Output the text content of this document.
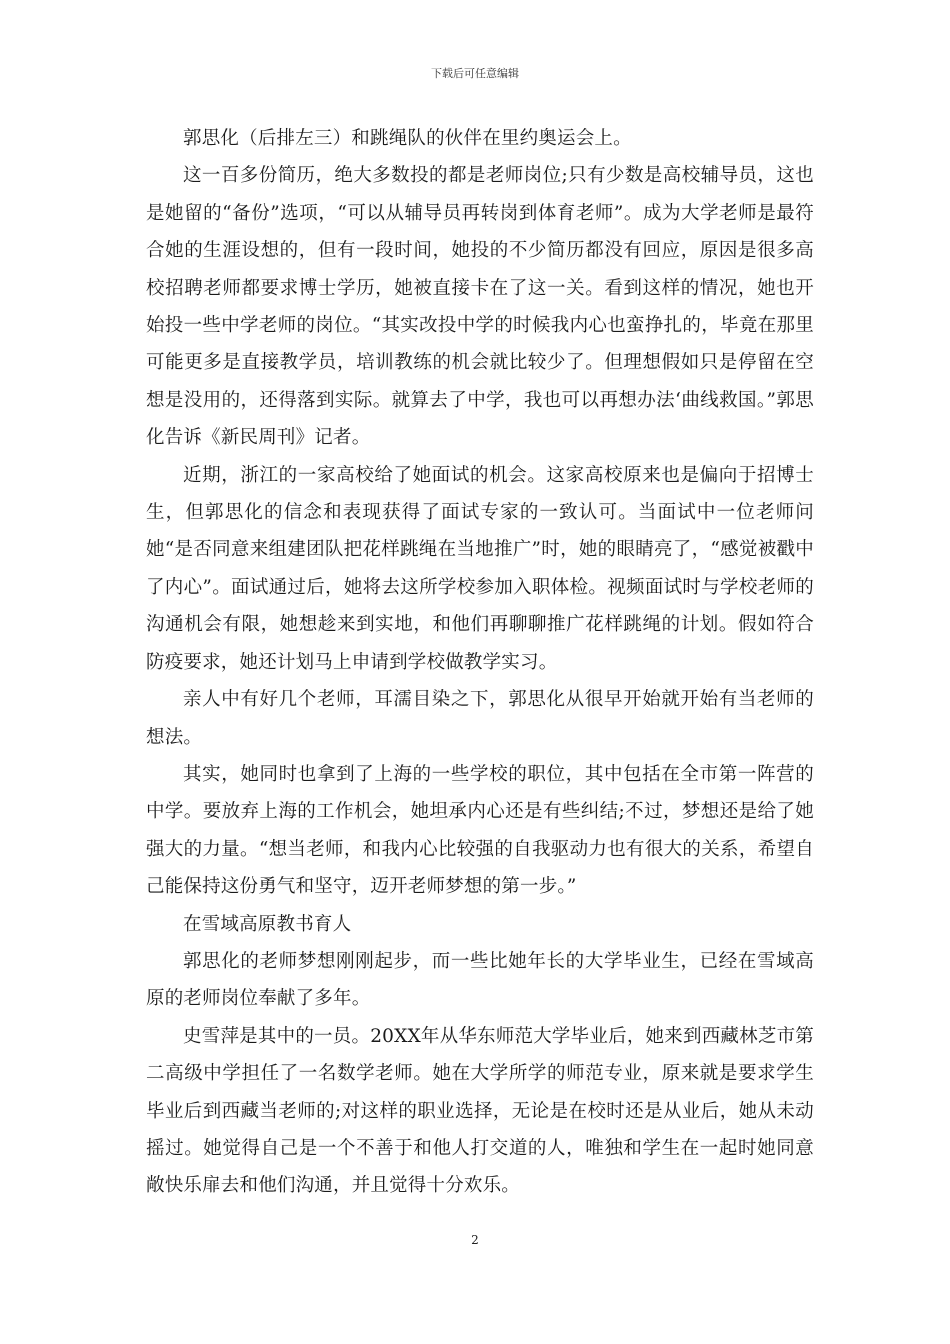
下载后可任意编辑

郭思化（后排左三）和跳绳队的伙伴在里约奥运会上。

这一百多份简历，绝大多数投的都是老师岗位;只有少数是高校辅导员，这也是她留的“备份”选项，“可以从辅导员再转岗到体育老师”。成为大学老师是最符合她的生涯设想的，但有一段时间，她投的不少简历都没有回应，原因是很多高校招聘老师都要求博士学历，她被直接卡在了这一关。看到这样的情况，她也开始投一些中学老师的岗位。“其实改投中学的时候我内心也蛮挣扎的，毕竟在那里可能更多是直接教学员，培训教练的机会就比较少了。但理想假如只是停留在空想是没用的，还得落到实际。就算去了中学，我也可以再想办法‘曲线救国。”郭思化告诉《新民周刊》记者。

近期，浙江的一家高校给了她面试的机会。这家高校原来也是偏向于招博士生，但郭思化的信念和表现获得了面试专家的一致认可。当面试中一位老师问她“是否同意来组建团队把花样跳绳在当地推广”时，她的眼睛亮了，“感觉被戳中了内心”。面试通过后，她将去这所学校参加入职体检。视频面试时与学校老师的沟通机会有限，她想趁来到实地，和他们再聊聊推广花样跳绳的计划。假如符合防疫要求，她还计划马上申请到学校做教学实习。

亲人中有好几个老师，耳濡目染之下，郭思化从很早开始就开始有当老师的想法。

其实，她同时也拿到了上海的一些学校的职位，其中包括在全市第一阵营的中学。要放弃上海的工作机会，她坦承内心还是有些纠结;不过，梦想还是给了她强大的力量。“想当老师，和我内心比较强的自我驱动力也有很大的关系，希望自己能保持这份勇气和坚守，迈开老师梦想的第一步。”

在雪域高原教书育人

郭思化的老师梦想刚刚起步，而一些比她年长的大学毕业生，已经在雪域高原的老师岗位奉献了多年。

史雪萍是其中的一员。20XX年从华东师范大学毕业后，她来到西藏林芝市第二高级中学担任了一名数学老师。她在大学所学的师范专业，原来就是要求学生毕业后到西藏当老师的;对这样的职业选择，无论是在校时还是从业后，她从未动摇过。她觉得自己是一个不善于和他人打交道的人，唯独和学生在一起时她同意敞快乐扉去和他们沟通，并且觉得十分欢乐。

2
